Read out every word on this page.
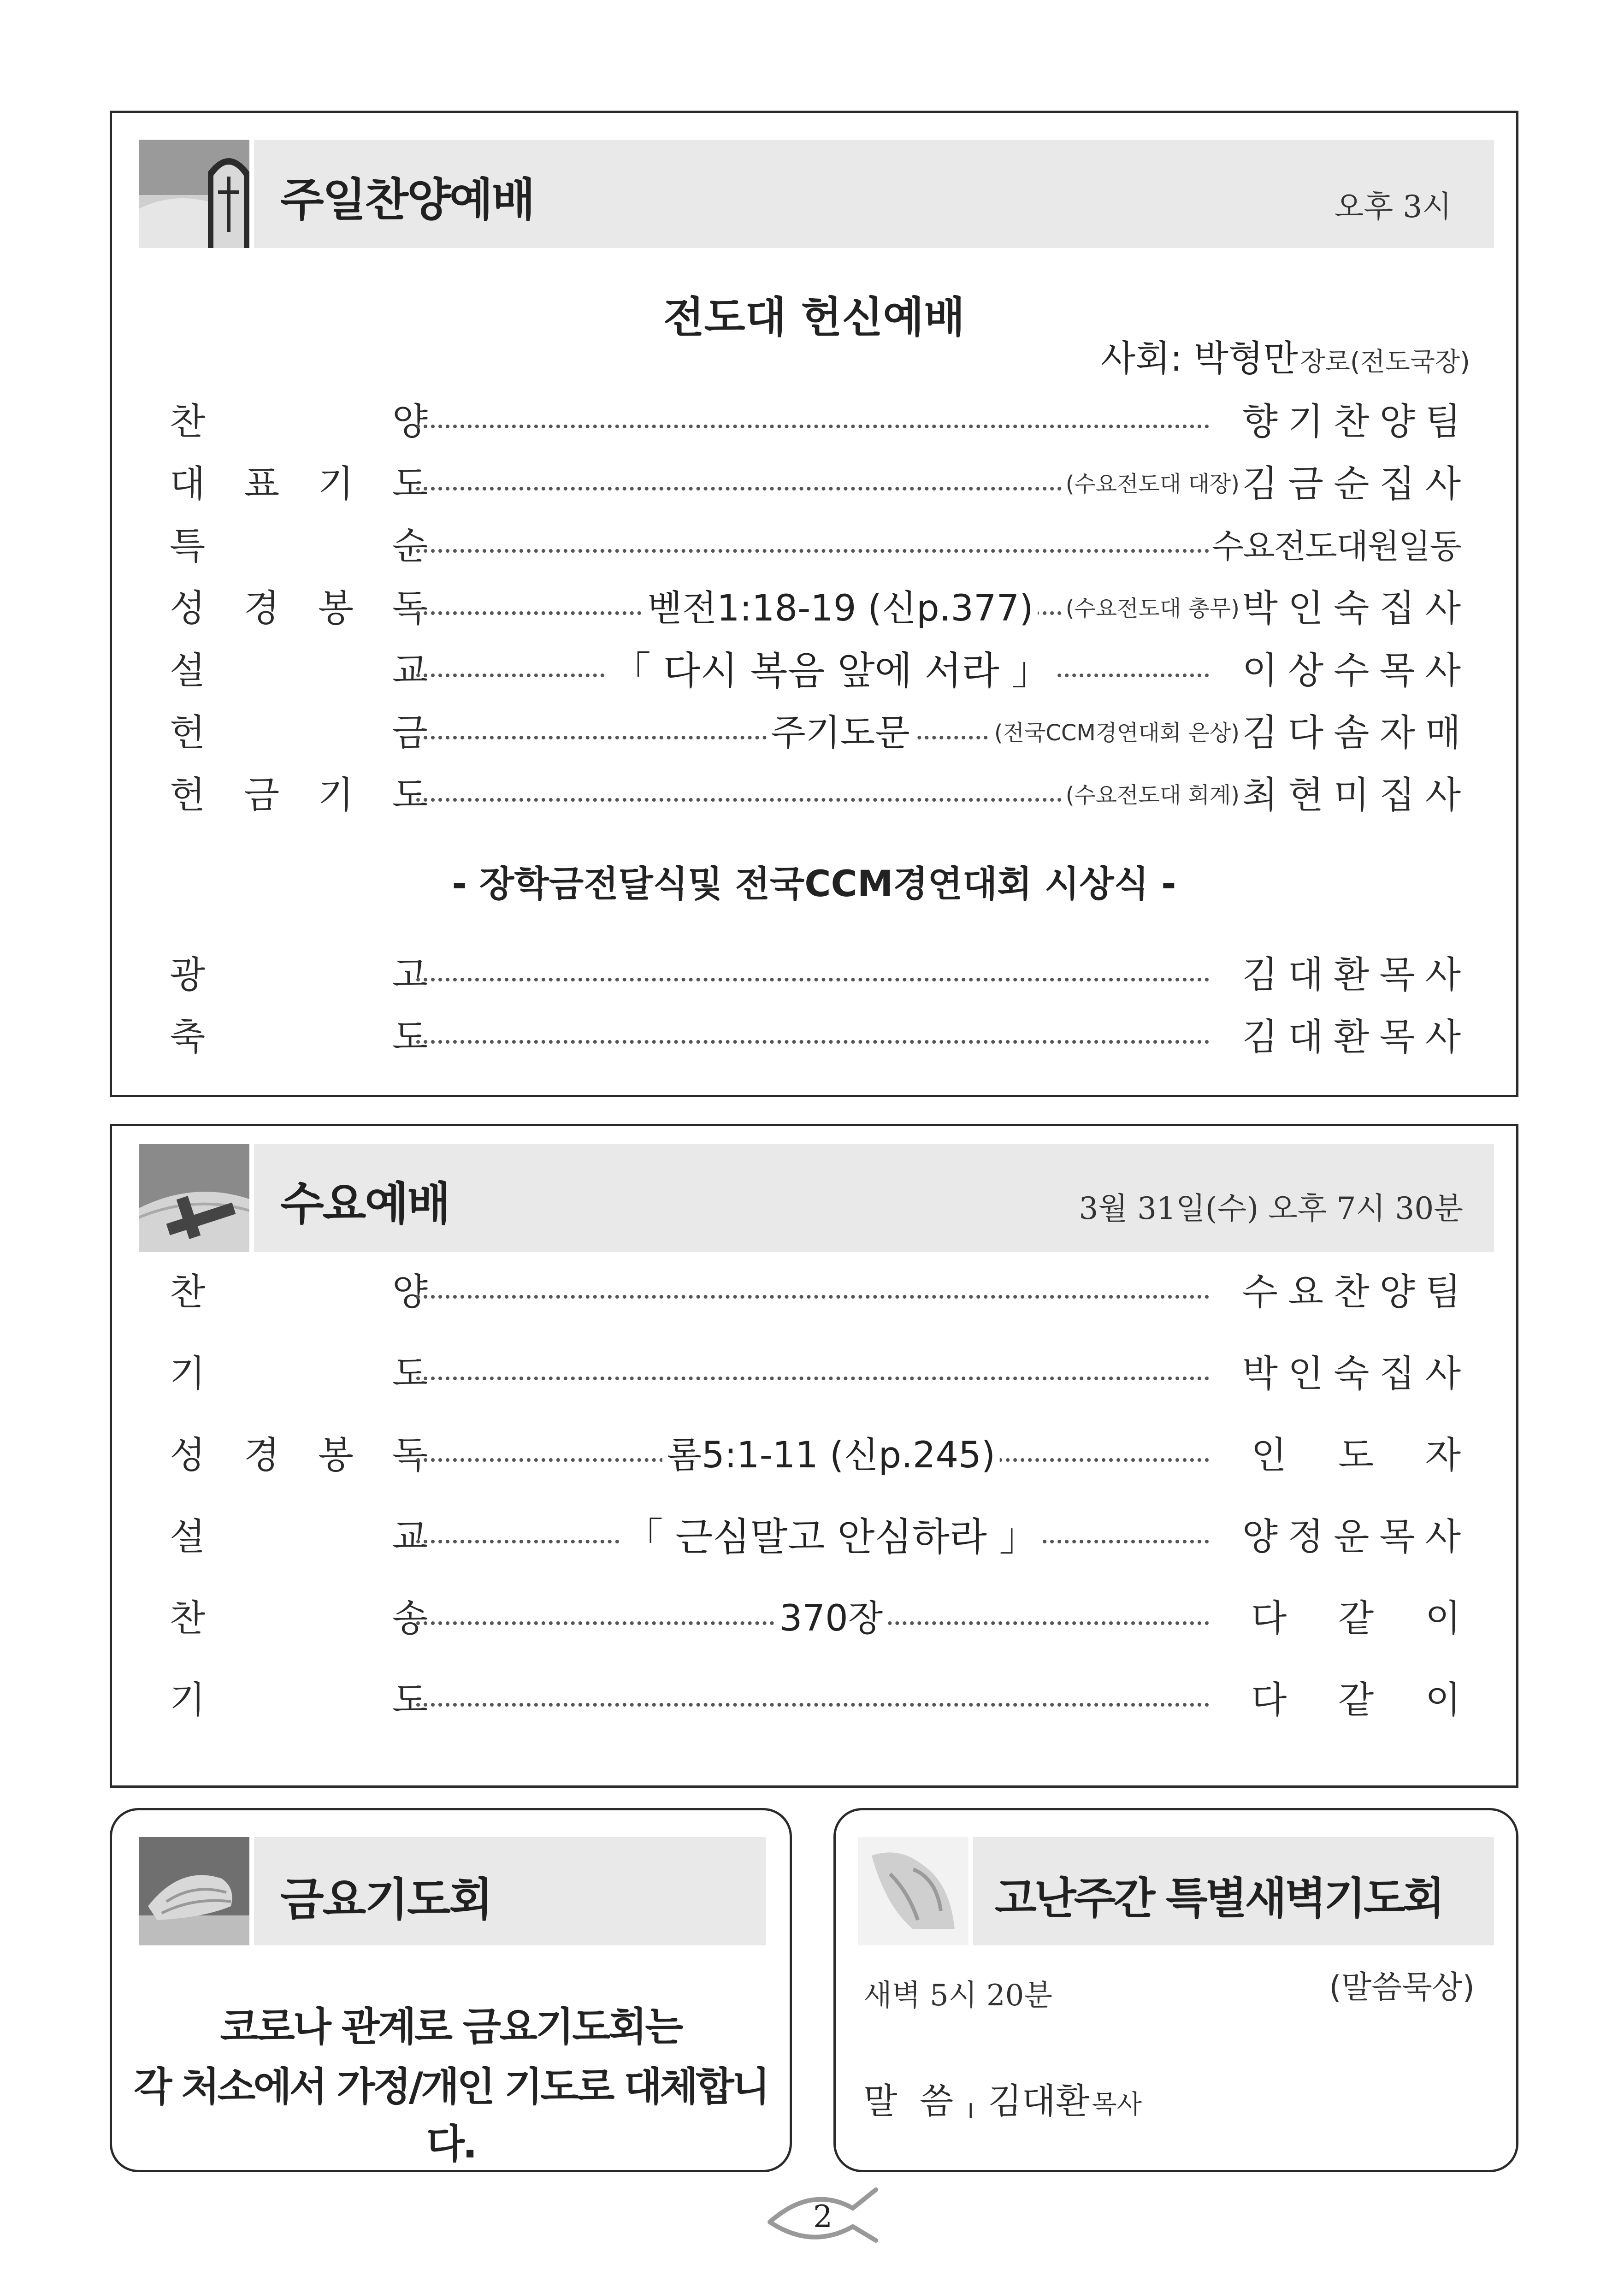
주일찬양예배	오후 3시
전도대 헌신예배
사회: 박형만 장로(전도국장)
찬	양	향기찬양팀
대 표 기 도	(수요전도대 대장) 김금순집사
특	순	수요전도대원일동
성 경 봉 독	벧전1:18-19 (신p.377) (수요전도대 총무) 박인숙집사
설	교	「 다시 복음 앞에 서라 」	이상수목사
헌	금	주기도문	(전국CCM경연대회 은상) 김다솜자매
헌 금 기 도	(수요전도대 회계) 최현미집사
- 장학금전달식및 전국CCM경연대회 시상식 -
광	고	김대환목사
축	도	김대환목사
수요예배	3월 31일(수) 오후 7시 30분
찬	양	수요찬양팀
기	도	박인숙집사
성 경 봉 독	롬5:1-11 (신p.245)	인 도 자
설	교	「 근심말고 안심하라 」	양정운목사
찬	송	370장	다 같 이
기	도	다 같 이
금요기도회
코로나 관계로 금요기도회는
각 처소에서 가정/개인 기도로 대체합니다.
고난주간 특별새벽기도회
새벽 5시 20분	(말씀묵상)
말  씀 I 김대환 목사
2
